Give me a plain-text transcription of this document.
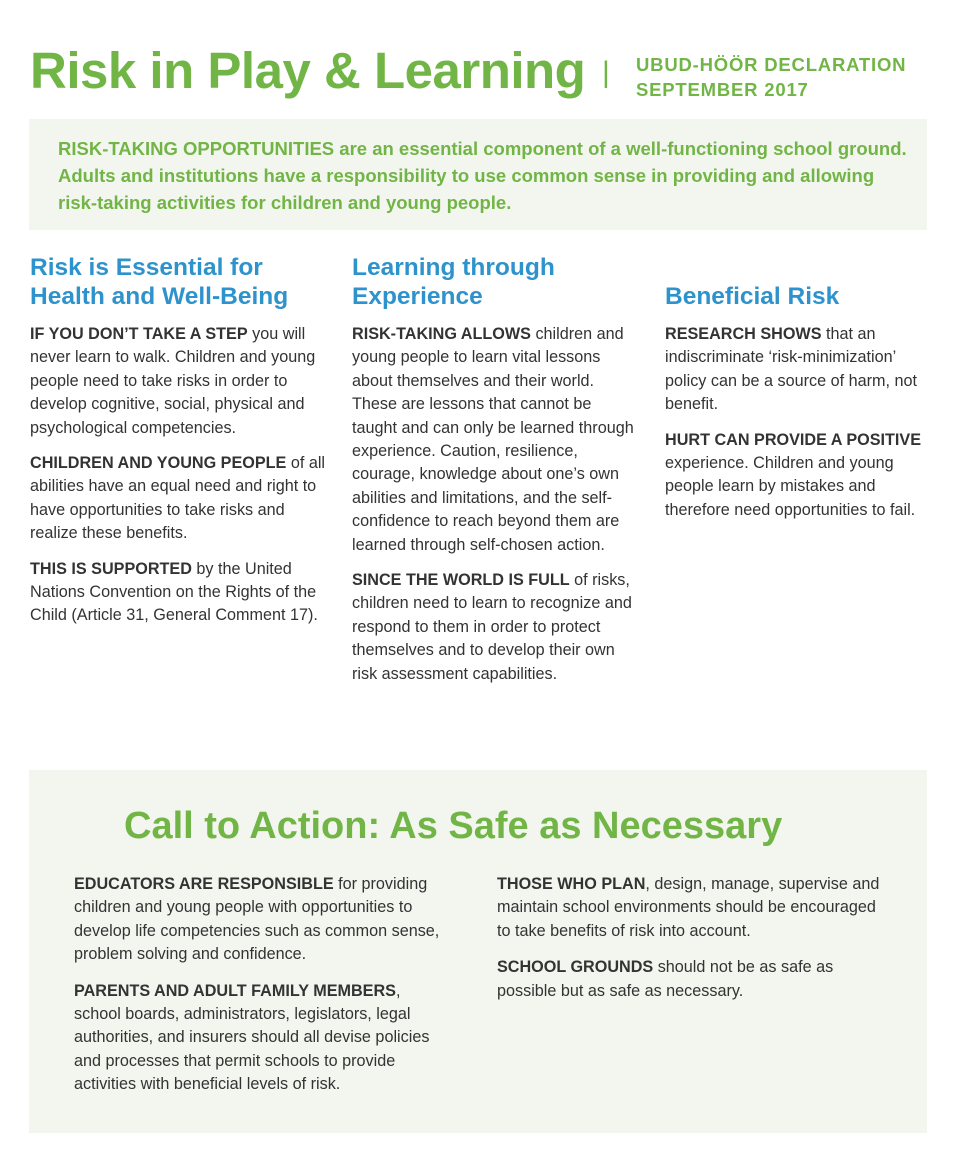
Risk in Play & Learning | UBUD-HÖÖR DECLARATION
SEPTEMBER 2017

RISK-TAKING OPPORTUNITIES are an essential component of a well-functioning school ground. Adults and institutions have a responsibility to use common sense in providing and allowing risk-taking activities for children and young people.

Risk is Essential for Health and Well-Being

IF YOU DON’T TAKE A STEP you will never learn to walk. Children and young people need to take risks in order to develop cognitive, social, physical and psychological competencies.

CHILDREN AND YOUNG PEOPLE of all abilities have an equal need and right to have opportunities to take risks and realize these benefits.

THIS IS SUPPORTED by the United Nations Convention on the Rights of the Child (Article 31, General Comment 17).

Learning through Experience

RISK-TAKING ALLOWS children and young people to learn vital lessons about themselves and their world. These are lessons that cannot be taught and can only be learned through experience. Caution, resilience, courage, knowledge about one’s own abilities and limitations, and the self-confidence to reach beyond them are learned through self-chosen action.

SINCE THE WORLD IS FULL of risks, children need to learn to recognize and respond to them in order to protect themselves and to develop their own risk assessment capabilities.

Beneficial Risk

RESEARCH SHOWS that an indiscriminate ‘risk-minimization’ policy can be a source of harm, not benefit.

HURT CAN PROVIDE A POSITIVE experience. Children and young people learn by mistakes and therefore need opportunities to fail.

Call to Action: As Safe as Necessary

EDUCATORS ARE RESPONSIBLE for providing children and young people with opportunities to develop life competencies such as common sense, problem solving and confidence.

PARENTS AND ADULT FAMILY MEMBERS, school boards, administrators, legislators, legal authorities, and insurers should all devise policies and processes that permit schools to provide activities with beneficial levels of risk.

THOSE WHO PLAN, design, manage, supervise and maintain school environments should be encouraged to take benefits of risk into account.

SCHOOL GROUNDS should not be as safe as possible but as safe as necessary.
